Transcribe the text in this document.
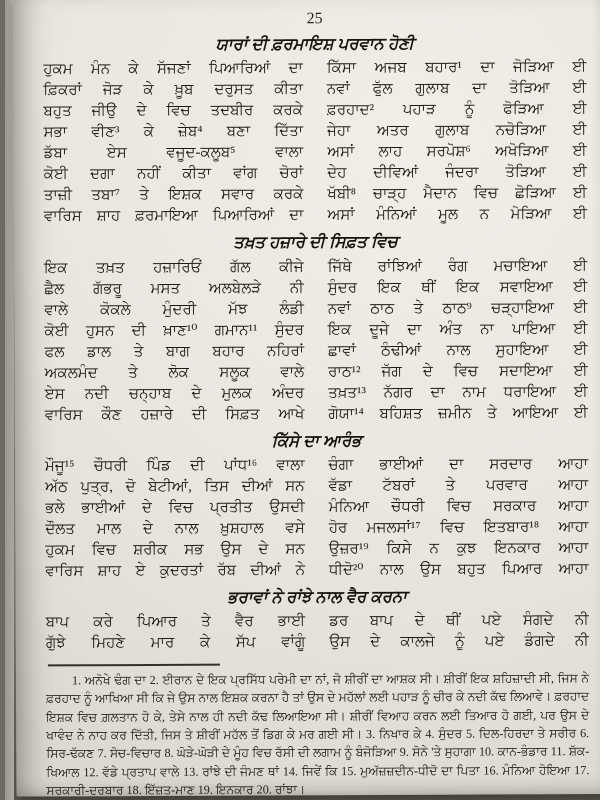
25
ਯਾਰਾਂ ਦੀ ਫ਼ਰਮਾਇਸ਼ ਪਰਵਾਨ ਹੋਣੀ
ਹੁਕਮ ਮੰਨ ਕੇ ਸੱਜਣਾਂ ਪਿਆਰਿਆਂ ਦਾ ਕਿੱਸਾ ਅਜਬ ਬਹਾਰ¹ ਦਾ ਜੋੜਿਆ ਈ
ਫ਼ਿਕਰਾਂ ਜੋੜ ਕੇ ਖ਼ੂਬ ਦਰੁਸਤ ਕੀਤਾ ਨਵਾਂ ਫੁੱਲ ਗੁਲਾਬ ਦਾ ਤੋੜਿਆ ਈ
ਬਹੁਤ ਜੀਉ ਦੇ ਵਿਚ ਤਦਬੀਰ ਕਰਕੇ ਫ਼ਰਹਾਦ² ਪਹਾੜ ਨੂੰ ਫੋੜਿਆ ਈ
ਸਭਾ ਵੀਣ³ ਕੇ ਜ਼ੇਬ⁴ ਬਣਾ ਦਿੱਤਾ ਜੇਹਾ ਅਤਰ ਗੁਲਾਬ ਨਚੋੜਿਆ ਈ
ਡੱਬਾ ਏਸ ਵਜੂਦ-ਕਲੂਬ⁵ ਵਾਲਾ ਅਸਾਂ ਲਾਹ ਸਰਪੋਸ਼⁶ ਅਖੋੜਿਆ ਈ
ਕੋਈ ਦਗਾ ਨਹੀਂ ਕੀਤਾ ਵਾਂਗ ਚੋਰਾਂ ਦੇਹ ਦੀਵਿਆਂ ਜੰਦਰਾ ਤੋੜਿਆ ਈ
ਤਾਜ਼ੀ ਤਬਾ⁷ ਤੇ ਇਸ਼ਕ ਸਵਾਰ ਕਰਕੇ ਖੱਬੀ⁸ ਚਾੜ੍ਹ ਮੈਦਾਨ ਵਿਚ ਛੋੜਿਆ ਈ
ਵਾਰਿਸ ਸ਼ਾਹ ਫ਼ਰਮਾਇਆ ਪਿਆਰਿਆਂ ਦਾ ਅਸਾਂ ਮੰਨਿਆਂ ਮੂਲ ਨ ਮੋੜਿਆ ਈ
ਤਖ਼ਤ ਹਜ਼ਾਰੇ ਦੀ ਸਿਫ਼ਤ ਵਿਚ
ਇਕ ਤਖ਼ਤ ਹਜ਼ਾਰਿਓਂ ਗੱਲ ਕੀਜੇ ਜਿੱਥੇ ਰਾਂਝਿਆਂ ਰੰਗ ਮਚਾਇਆ ਈ
ਛੈਲ ਗੱਭਰੂ ਮਸਤ ਅਲਬੇਲੜੇ ਨੀ ਸੁੰਦਰ ਇਕ ਥੀਂ ਇਕ ਸਵਾਇਆ ਈ
ਵਾਲੇ ਕੋਕਲੇ ਮੁੰਦਰੀ ਮੱਝ ਲੰਡੀ ਨਵਾਂ ਠਾਠ ਤੇ ਠਾਠ⁹ ਚੜ੍ਹਾਇਆ ਈ
ਕੋਈ ਹੁਸਨ ਦੀ ਖ਼ਾਣ¹⁰ ਗਮਾਨ¹¹ ਸੁੰਦਰ ਇਕ ਦੂਜੇ ਦਾ ਅੰਤ ਨਾ ਪਾਇਆ ਈ
ਫਲ ਡਾਲ ਤੇ ਬਾਗ ਬਹਾਰ ਨਹਿਰਾਂ ਛਾਵਾਂ ਠੰਢੀਆਂ ਨਾਲ ਸੁਹਾਇਆ ਈ
ਅਕਲਮੰਦ ਤੇ ਲੋਕ ਸਲੂਕ ਵਾਲੇ ਰਾਠ¹² ਜੱਗ ਦੇ ਵਿਚ ਸਦਾਇਆ ਈ
ਏਸ ਨਦੀ ਚਨ੍ਹਾਬ ਦੇ ਮੁਲਕ ਅੰਦਰ ਤਖ਼ਤ¹³ ਨੱਗਰ ਦਾ ਨਾਮ ਧਰਾਇਆ ਈ
ਵਾਰਿਸ ਕੌਣ ਹਜ਼ਾਰੇ ਦੀ ਸਿਫ਼ਤ ਆਖੇ ਗੋਯਾ¹⁴ ਬਹਿਸ਼ਤ ਜ਼ਮੀਨ ਤੇ ਆਇਆ ਈ
ਕਿੱਸੇ ਦਾ ਆਰੰਭ
ਮੌਜੂ¹⁵ ਚੌਧਰੀ ਪਿੰਡ ਦੀ ਪਾਂਧ¹⁶ ਵਾਲਾ ਚੰਗਾ ਭਾਈਆਂ ਦਾ ਸਰਦਾਰ ਆਹਾ
ਅੱਠ ਪੁਤ੍ਰ, ਦੋ ਬੇਟੀਆਂ, ਤਿਸ ਦੀਆਂ ਸਨ ਵੱਡਾ ਟੱਬਰਾਂ ਤੇ ਪਰਵਾਰ ਆਹਾ
ਭਲੇ ਭਾਈਆਂ ਦੇ ਵਿਚ ਪ੍ਰਤੀਤ ਉਸਦੀ ਮੰਨਿਆ ਚੌਧਰੀ ਵਿਚ ਸਰਕਾਰ ਆਹਾ
ਦੌਲਤ ਮਾਲ ਦੇ ਨਾਲ ਖ਼ੁਸ਼ਹਾਲ ਵਸੇ ਹੋਰ ਮਜਲਸਾਂ¹⁷ ਵਿਚ ਇਤਬਾਰ¹⁸ ਆਹਾ
ਹੁਕਮ ਵਿਚ ਸ਼ਰੀਕ ਸਭ ਉਸ ਦੇ ਸਨ ਉਜ਼ਰ¹⁹ ਕਿਸੇ ਨ ਕੁਝ ਇਨਕਾਰ ਆਹਾ
ਵਾਰਿਸ ਸ਼ਾਹ ਏ ਕੁਦਰਤਾਂ ਰੱਬ ਦੀਆਂ ਨੇ ਧੀਦੋ²⁰ ਨਾਲ ਉਸ ਬਹੁਤ ਪਿਆਰ ਆਹਾ
ਭਰਾਵਾਂ ਨੇ ਰਾਂਝੇ ਨਾਲ ਵੈਰ ਕਰਨਾ
ਬਾਪ ਕਰੇ ਪਿਆਰ ਤੇ ਵੈਰ ਭਾਈ ਡਰ ਬਾਪ ਦੇ ਥੀਂ ਪਏ ਸੰਗਦੇ ਨੀ
ਗੁੱਝੇ ਮਿਹਣੇ ਮਾਰ ਕੇ ਸੱਪ ਵਾਂਗੂੰ ਉਸ ਦੇ ਕਾਲਜੇ ਨੂੰ ਪਏ ਡੰਗਦੇ ਨੀ

1. ਅਨੋਖੇ ਢੰਗ ਦਾ 2. ਈਰਾਨ ਦੇ ਇਕ ਪ੍ਰਸਿੱਧ ਪਰੇਮੀ ਦਾ ਨਾਂ, ਜੋ ਸ਼ੀਰੀਂ ਦਾ ਆਸ਼ਕ ਸੀ। ਸ਼ੀਰੀਂ ਇਕ ਸ਼ਹਿਜ਼ਾਦੀ ਸੀ, ਜਿਸ ਨੇ ਫ਼ਰਹਾਦ ਨੂੰ ਆਖਿਆ ਸੀ ਕਿ ਜੇ ਉਸ ਨਾਲ ਇਸ਼ਕ ਕਰਨਾ ਹੈ ਤਾਂ ਉਸ ਦੇ ਮਹੱਲਾਂ ਲਈ ਪਹਾੜ ਨੂੰ ਚੀਰ ਕੇ ਨਦੀ ਕੱਢ ਲਿਆਵੇ। ਫ਼ਰਹਾਦ ਇਸ਼ਕ ਵਿਚ ਗ਼ਲਤਾਨ ਹੋ ਕੇ, ਤੇਸੇ ਨਾਲ ਹੀ ਨਦੀ ਕੱਢ ਲਿਆਇਆ ਸੀ। ਸ਼ੀਰੀਂ ਵਿਆਹ ਕਰਨ ਲਈ ਤਿਆਰ ਹੋ ਗਈ, ਪਰ ਉਸ ਦੇ ਖਾਵੰਦ ਨੇ ਨਾਹ ਕਰ ਦਿੱਤੀ, ਜਿਸ ਤੇ ਸ਼ੀਰੀਂ ਮਹੱਲ ਤੋਂ ਡਿਗ ਕੇ ਮਰ ਗਈ ਸੀ। 3. ਨਿਖਾਰ ਕੇ 4. ਸੁੰਦਰ 5. ਦਿਲ-ਹਿਰਦਾ ਤੇ ਸਰੀਰ 6. ਸਿਰ-ਢੱਕਣ 7. ਸੋਚ-ਵਿਚਾਰ 8. ਘੋੜੇ-ਘੋੜੀ ਦੇ ਮੂੰਹ ਵਿਚ ਰੱਸੀ ਦੀ ਲਗਾਮ ਨੂੰ ਬੰਜੋੜਿਆ 9. ਸੋਨੇ 'ਤੇ ਸੁਹਾਗਾ 10. ਕਾਨ-ਭੰਡਾਰ 11. ਸ਼ੱਕ-ਖਿਆਲ 12. ਵੱਡੇ ਪ੍ਰਤਾਪ ਵਾਲੇ 13. ਰਾਂਝੇ ਦੀ ਜੰਮਣ ਥਾਂ 14. ਜਿਵੇਂ ਕਿ 15. ਮੁਅੱਜ਼ਜ਼ਦੀਨ-ਧੀਦੋ ਦਾ ਪਿਤਾ 16. ਮੰਨਿਆ ਹੋਇਆ 17. ਸਰਕਾਰੀ-ਦਰਬਾਰ 18. ਇੱਜ਼ਤ-ਮਾਣ 19. ਇਨਕਾਰ 20. ਰਾਂਝਾ।
